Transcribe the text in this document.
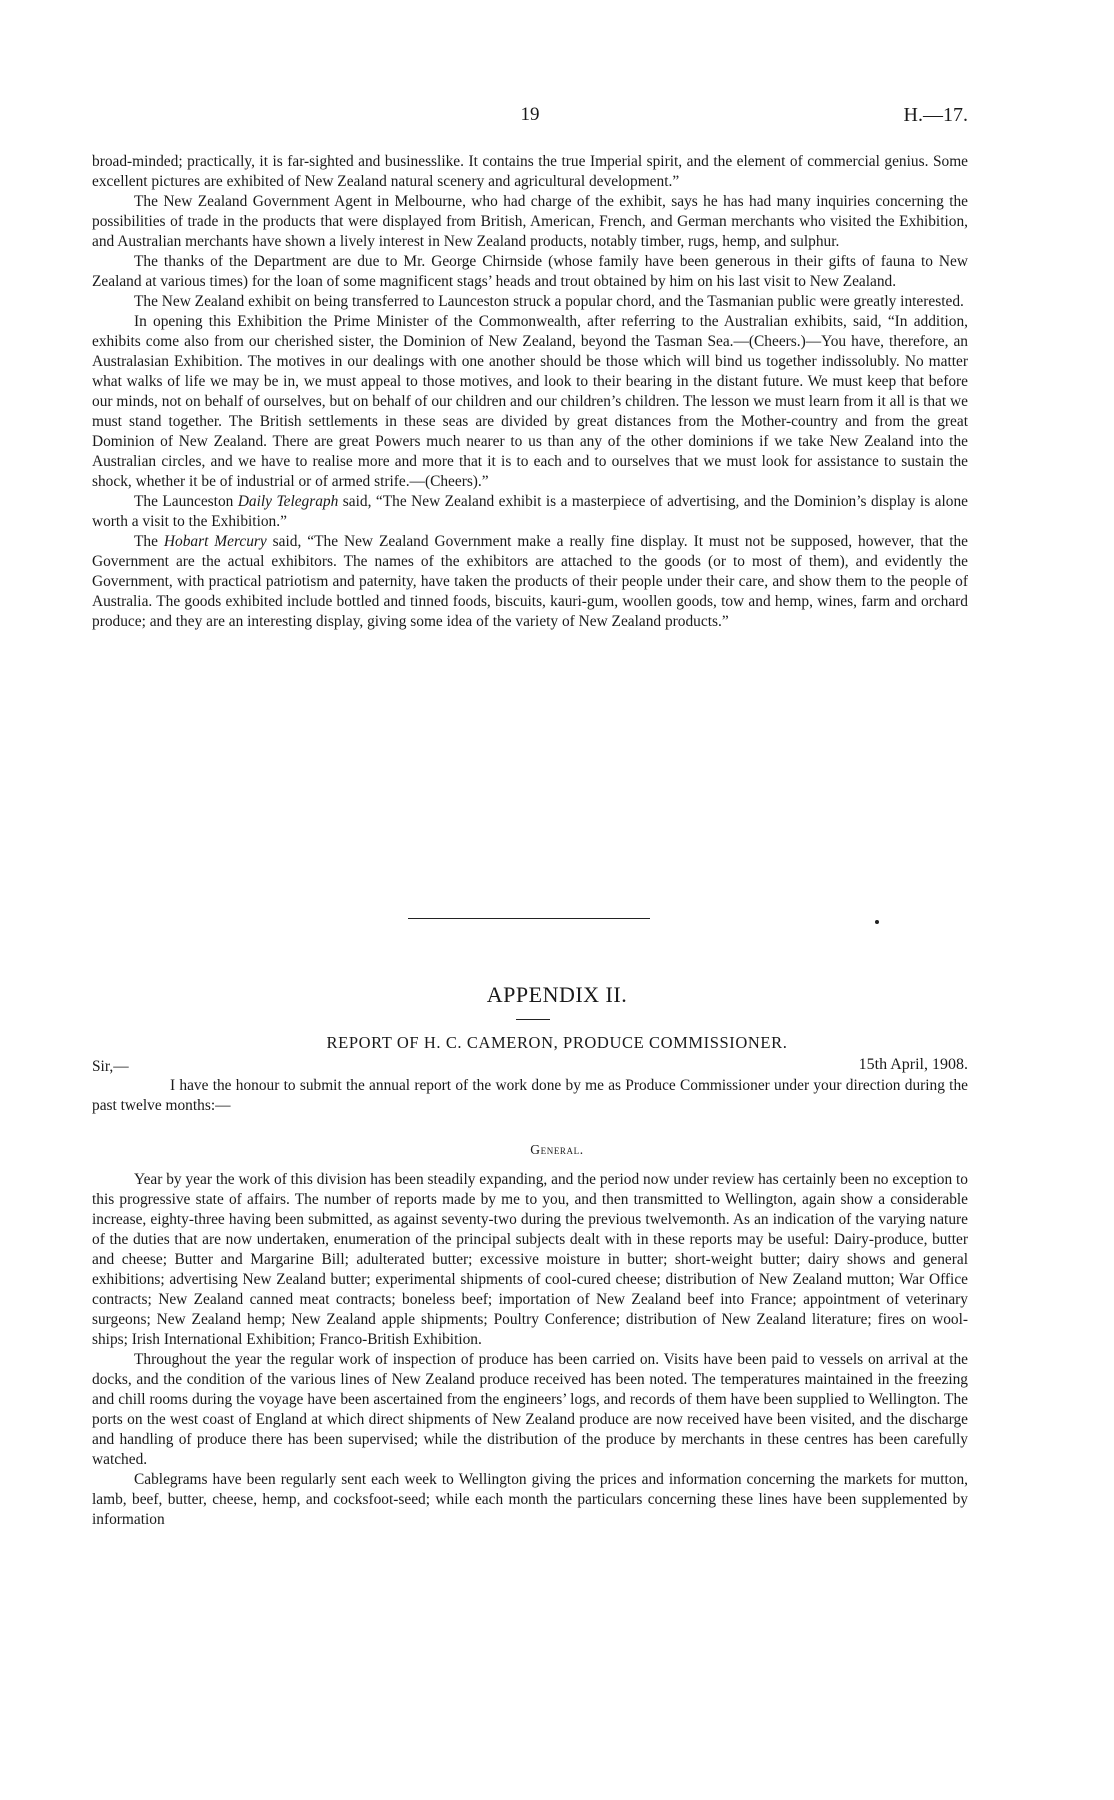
19	H.—17.

broad-minded; practically, it is far-sighted and businesslike. It contains the true Imperial spirit, and the element of commercial genius. Some excellent pictures are exhibited of New Zealand natural scenery and agricultural development.”

The New Zealand Government Agent in Melbourne, who had charge of the exhibit, says he has had many inquiries concerning the possibilities of trade in the products that were displayed from British, American, French, and German merchants who visited the Exhibition, and Australian merchants have shown a lively interest in New Zealand products, notably timber, rugs, hemp, and sulphur.

The thanks of the Department are due to Mr. George Chirnside (whose family have been generous in their gifts of fauna to New Zealand at various times) for the loan of some magnificent stags’ heads and trout obtained by him on his last visit to New Zealand.

The New Zealand exhibit on being transferred to Launceston struck a popular chord, and the Tasmanian public were greatly interested.

In opening this Exhibition the Prime Minister of the Commonwealth, after referring to the Australian exhibits, said, “In addition, exhibits come also from our cherished sister, the Dominion of New Zealand, beyond the Tasman Sea.—(Cheers.)—You have, therefore, an Australasian Exhibition. The motives in our dealings with one another should be those which will bind us together indissolubly. No matter what walks of life we may be in, we must appeal to those motives, and look to their bearing in the distant future. We must keep that before our minds, not on behalf of ourselves, but on behalf of our children and our children’s children. The lesson we must learn from it all is that we must stand together. The British settlements in these seas are divided by great distances from the Mother-country and from the great Dominion of New Zealand. There are great Powers much nearer to us than any of the other dominions if we take New Zealand into the Australian circles, and we have to realise more and more that it is to each and to ourselves that we must look for assistance to sustain the shock, whether it be of industrial or of armed strife.—(Cheers).”

The Launceston Daily Telegraph said, “The New Zealand exhibit is a masterpiece of advertising, and the Dominion’s display is alone worth a visit to the Exhibition.”

The Hobart Mercury said, “The New Zealand Government make a really fine display. It must not be supposed, however, that the Government are the actual exhibitors. The names of the exhibitors are attached to the goods (or to most of them), and evidently the Government, with practical patriotism and paternity, have taken the products of their people under their care, and show them to the people of Australia. The goods exhibited include bottled and tinned foods, biscuits, kauri-gum, woollen goods, tow and hemp, wines, farm and orchard produce; and they are an interesting display, giving some idea of the variety of New Zealand products.”

APPENDIX II.
REPORT OF H. C. CAMERON, PRODUCE COMMISSIONER.
Sir,—	15th April, 1908.

I have the honour to submit the annual report of the work done by me as Produce Commissioner under your direction during the past twelve months:—

General.

Year by year the work of this division has been steadily expanding, and the period now under review has certainly been no exception to this progressive state of affairs. The number of reports made by me to you, and then transmitted to Wellington, again show a considerable increase, eighty-three having been submitted, as against seventy-two during the previous twelvemonth. As an indication of the varying nature of the duties that are now undertaken, enumeration of the principal subjects dealt with in these reports may be useful: Dairy-produce, butter and cheese; Butter and Margarine Bill; adulterated butter; excessive moisture in butter; short-weight butter; dairy shows and general exhibitions; advertising New Zealand butter; experimental shipments of cool-cured cheese; distribution of New Zealand mutton; War Office contracts; New Zealand canned meat contracts; boneless beef; importation of New Zealand beef into France; appointment of veterinary surgeons; New Zealand hemp; New Zealand apple shipments; Poultry Conference; distribution of New Zealand literature; fires on wool-ships; Irish International Exhibition; Franco-British Exhibition.

Throughout the year the regular work of inspection of produce has been carried on. Visits have been paid to vessels on arrival at the docks, and the condition of the various lines of New Zealand produce received has been noted. The temperatures maintained in the freezing and chill rooms during the voyage have been ascertained from the engineers’ logs, and records of them have been supplied to Wellington. The ports on the west coast of England at which direct shipments of New Zealand produce are now received have been visited, and the discharge and handling of produce there has been supervised; while the distribution of the produce by merchants in these centres has been carefully watched.

Cablegrams have been regularly sent each week to Wellington giving the prices and information concerning the markets for mutton, lamb, beef, butter, cheese, hemp, and cocksfoot-seed; while each month the particulars concerning these lines have been supplemented by information
